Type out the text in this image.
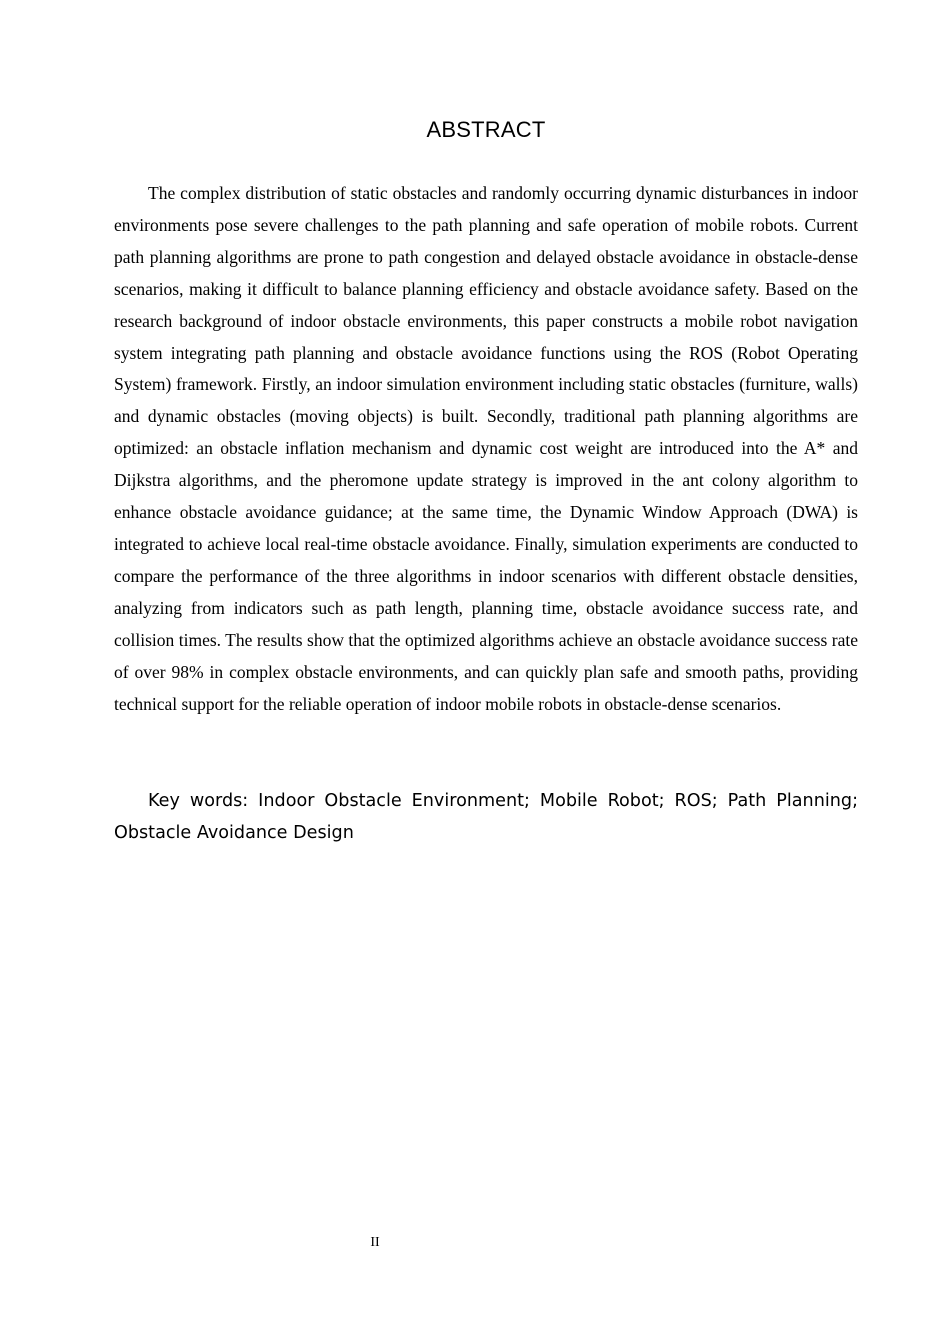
ABSTRACT

The complex distribution of static obstacles and randomly occurring dynamic disturbances in indoor environments pose severe challenges to the path planning and safe operation of mobile robots. Current path planning algorithms are prone to path congestion and delayed obstacle avoidance in obstacle-dense scenarios, making it difficult to balance planning efficiency and obstacle avoidance safety. Based on the research background of indoor obstacle environments, this paper constructs a mobile robot navigation system integrating path planning and obstacle avoidance functions using the ROS (Robot Operating System) framework. Firstly, an indoor simulation environment including static obstacles (furniture, walls) and dynamic obstacles (moving objects) is built. Secondly, traditional path planning algorithms are optimized: an obstacle inflation mechanism and dynamic cost weight are introduced into the A* and Dijkstra algorithms, and the pheromone update strategy is improved in the ant colony algorithm to enhance obstacle avoidance guidance; at the same time, the Dynamic Window Approach (DWA) is integrated to achieve local real-time obstacle avoidance. Finally, simulation experiments are conducted to compare the performance of the three algorithms in indoor scenarios with different obstacle densities, analyzing from indicators such as path length, planning time, obstacle avoidance success rate, and collision times. The results show that the optimized algorithms achieve an obstacle avoidance success rate of over 98% in complex obstacle environments, and can quickly plan safe and smooth paths, providing technical support for the reliable operation of indoor mobile robots in obstacle-dense scenarios.

Key words: Indoor Obstacle Environment; Mobile Robot; ROS; Path Planning; Obstacle Avoidance Design

II
